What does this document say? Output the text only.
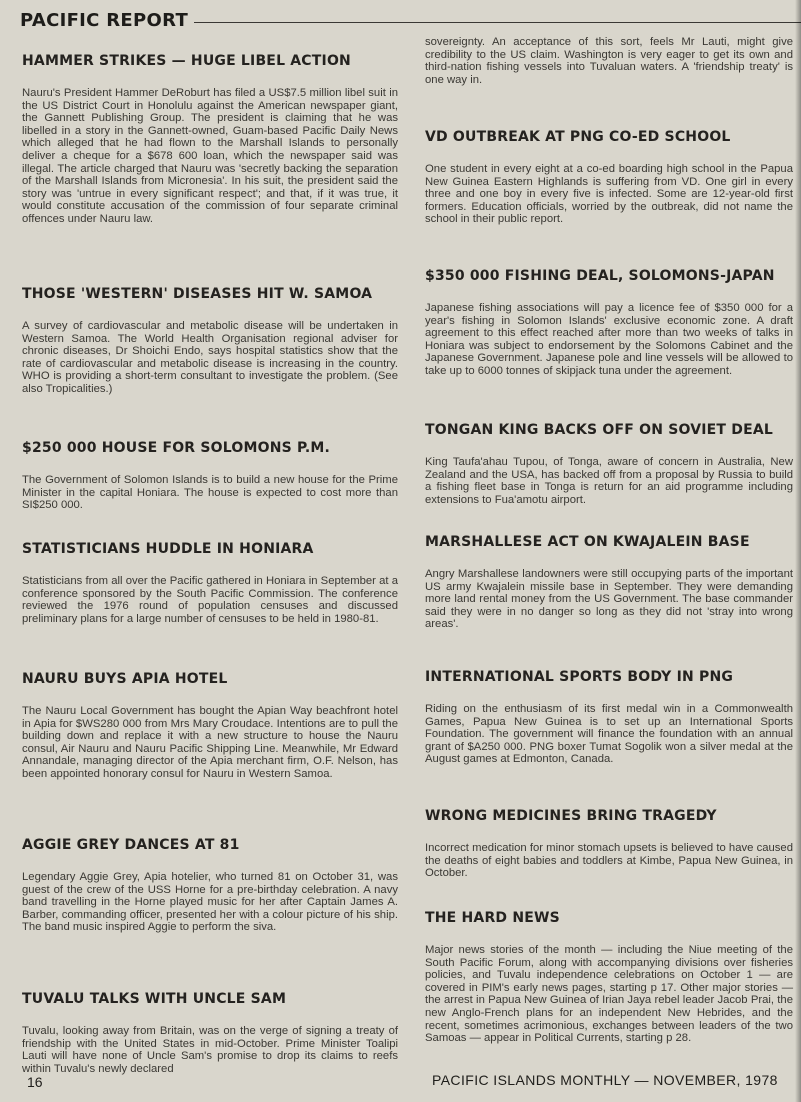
PACIFIC REPORT
HAMMER STRIKES — HUGE LIBEL ACTION

Nauru's President Hammer DeRoburt has filed a US$7.5 million libel suit in the US District Court in Honolulu against the American newspaper giant, the Gannett Publishing Group. The president is claiming that he was libelled in a story in the Gannett-owned, Guam-based Pacific Daily News which alleged that he had flown to the Marshall Islands to personally deliver a cheque for a $678 600 loan, which the newspaper said was illegal. The article charged that Nauru was 'secretly backing the separation of the Marshall Islands from Micronesia'. In his suit, the president said the story was 'untrue in every significant respect'; and that, if it was true, it would constitute accusation of the commission of four separate criminal offences under Nauru law.

THOSE 'WESTERN' DISEASES HIT W. SAMOA

A survey of cardiovascular and metabolic disease will be undertaken in Western Samoa. The World Health Organisation regional adviser for chronic diseases, Dr Shoichi Endo, says hospital statistics show that the rate of cardiovascular and metabolic disease is increasing in the country. WHO is providing a short-term consultant to investigate the problem. (See also Tropicalities.)

$250 000 HOUSE FOR SOLOMONS P.M.

The Government of Solomon Islands is to build a new house for the Prime Minister in the capital Honiara. The house is expected to cost more than SI$250 000.

STATISTICIANS HUDDLE IN HONIARA

Statisticians from all over the Pacific gathered in Honiara in September at a conference sponsored by the South Pacific Commission. The conference reviewed the 1976 round of population censuses and discussed preliminary plans for a large number of censuses to be held in 1980-81.

NAURU BUYS APIA HOTEL

The Nauru Local Government has bought the Apian Way beachfront hotel in Apia for $WS280 000 from Mrs Mary Croudace. Intentions are to pull the building down and replace it with a new structure to house the Nauru consul, Air Nauru and Nauru Pacific Shipping Line. Meanwhile, Mr Edward Annandale, managing director of the Apia merchant firm, O.F. Nelson, has been appointed honorary consul for Nauru in Western Samoa.

AGGIE GREY DANCES AT 81

Legendary Aggie Grey, Apia hotelier, who turned 81 on October 31, was guest of the crew of the USS Horne for a pre-birthday celebration. A navy band travelling in the Horne played music for her after Captain James A. Barber, commanding officer, presented her with a colour picture of his ship. The band music inspired Aggie to perform the siva.

TUVALU TALKS WITH UNCLE SAM

Tuvalu, looking away from Britain, was on the verge of signing a treaty of friendship with the United States in mid-October. Prime Minister Toalipi Lauti will have none of Uncle Sam's promise to drop its claims to reefs within Tuvalu's newly declared

sovereignty. An acceptance of this sort, feels Mr Lauti, might give credibility to the US claim. Washington is very eager to get its own and third-nation fishing vessels into Tuvaluan waters. A 'friendship treaty' is one way in.

VD OUTBREAK AT PNG CO-ED SCHOOL

One student in every eight at a co-ed boarding high school in the Papua New Guinea Eastern Highlands is suffering from VD. One girl in every three and one boy in every five is infected. Some are 12-year-old first formers. Education officials, worried by the outbreak, did not name the school in their public report.

$350 000 FISHING DEAL, SOLOMONS-JAPAN

Japanese fishing associations will pay a licence fee of $350 000 for a year's fishing in Solomon Islands' exclusive economic zone. A draft agreement to this effect reached after more than two weeks of talks in Honiara was subject to endorsement by the Solomons Cabinet and the Japanese Government. Japanese pole and line vessels will be allowed to take up to 6000 tonnes of skipjack tuna under the agreement.

TONGAN KING BACKS OFF ON SOVIET DEAL

King Taufa'ahau Tupou, of Tonga, aware of concern in Australia, New Zealand and the USA, has backed off from a proposal by Russia to build a fishing fleet base in Tonga is return for an aid programme including extensions to Fua'amotu airport.

MARSHALLESE ACT ON KWAJALEIN BASE

Angry Marshallese landowners were still occupying parts of the important US army Kwajalein missile base in September. They were demanding more land rental money from the US Government. The base commander said they were in no danger so long as they did not 'stray into wrong areas'.

INTERNATIONAL SPORTS BODY IN PNG

Riding on the enthusiasm of its first medal win in a Commonwealth Games, Papua New Guinea is to set up an International Sports Foundation. The government will finance the foundation with an annual grant of $A250 000. PNG boxer Tumat Sogolik won a silver medal at the August games at Edmonton, Canada.

WRONG MEDICINES BRING TRAGEDY

Incorrect medication for minor stomach upsets is believed to have caused the deaths of eight babies and toddlers at Kimbe, Papua New Guinea, in October.

THE HARD NEWS

Major news stories of the month — including the Niue meeting of the South Pacific Forum, along with accompanying divisions over fisheries policies, and Tuvalu independence celebrations on October 1 — are covered in PIM's early news pages, starting p 17. Other major stories — the arrest in Papua New Guinea of Irian Jaya rebel leader Jacob Prai, the new Anglo-French plans for an independent New Hebrides, and the recent, sometimes acrimonious, exchanges between leaders of the two Samoas — appear in Political Currents, starting p 28.

16	PACIFIC ISLANDS MONTHLY — NOVEMBER, 1978
